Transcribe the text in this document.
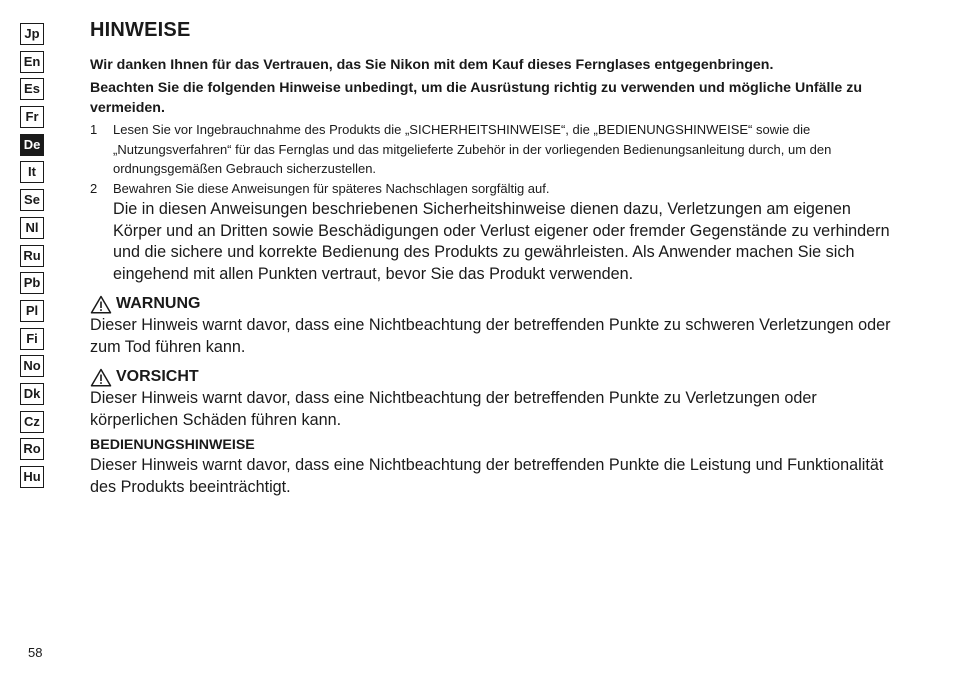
Jp
En
Es
Fr
De
It
Se
Nl
Ru
Pb
Pl
Fi
No
Dk
Cz
Ro
Hu
HINWEISE
Wir danken Ihnen für das Vertrauen, das Sie Nikon mit dem Kauf dieses Fernglases entgegenbringen.
Beachten Sie die folgenden Hinweise unbedingt, um die Ausrüstung richtig zu verwenden und mögliche Unfälle zu vermeiden.
1 Lesen Sie vor Ingebrauchnahme des Produkts die „SICHERHEITSHINWEISE“, die „BEDIENUNGSHINWEISE“ sowie die „Nutzungsverfahren“ für das Fernglas und das mitgelieferte Zubehör in der vorliegenden Bedienungsanleitung durch, um den ordnungsgemäßen Gebrauch sicherzustellen.
2 Bewahren Sie diese Anweisungen für späteres Nachschlagen sorgfältig auf.
Die in diesen Anweisungen beschriebenen Sicherheitshinweise dienen dazu, Verletzungen am eigenen Körper und an Dritten sowie Beschädigungen oder Verlust eigener oder fremder Gegenstände zu verhindern und die sichere und korrekte Bedienung des Produkts zu gewährleisten. Als Anwender machen Sie sich eingehend mit allen Punkten vertraut, bevor Sie das Produkt verwenden.
WARNUNG
Dieser Hinweis warnt davor, dass eine Nichtbeachtung der betreffenden Punkte zu schweren Verletzungen oder zum Tod führen kann.
VORSICHT
Dieser Hinweis warnt davor, dass eine Nichtbeachtung der betreffenden Punkte zu Verletzungen oder körperlichen Schäden führen kann.
BEDIENUNGSHINWEISE
Dieser Hinweis warnt davor, dass eine Nichtbeachtung der betreffenden Punkte die Leistung und Funktionalität des Produkts beeinträchtigt.
58
